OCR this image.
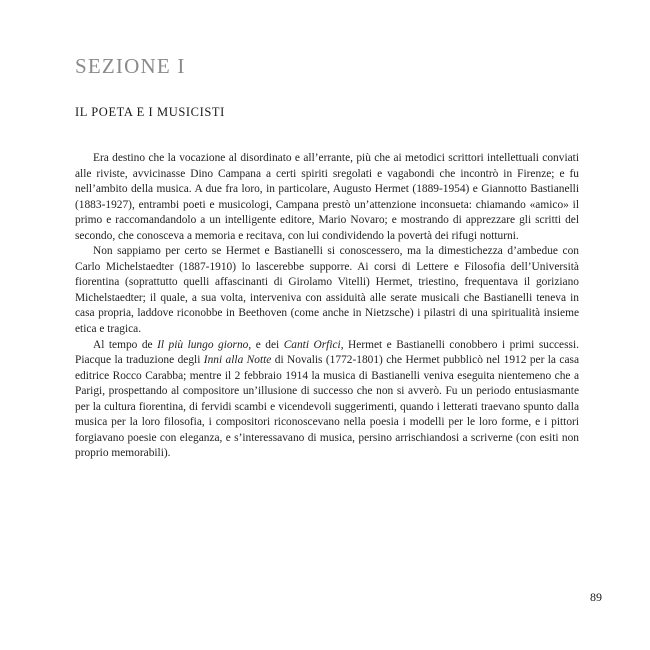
SEZIONE I
IL POETA E I MUSICISTI

Era destino che la vocazione al disordinato e all’errante, più che ai metodici scrittori intellettuali conviati alle riviste, avvicinasse Dino Campana a certi spiriti sregolati e vagabondi che incontrò in Firenze; e fu nell’ambito della musica. A due fra loro, in particolare, Augusto Hermet (1889-1954) e Giannotto Bastianelli (1883-1927), entrambi poeti e musicologi, Campana prestò un’attenzione inconsueta: chiamando «amico» il primo e raccomandandolo a un intelligente editore, Mario Novaro; e mostrando di apprezzare gli scritti del secondo, che conosceva a memoria e recitava, con lui condividendo la povertà dei rifugi notturni.

Non sappiamo per certo se Hermet e Bastianelli si conoscessero, ma la dimestichezza d’ambedue con Carlo Michelstaedter (1887-1910) lo lascerebbe supporre. Ai corsi di Lettere e Filosofia dell’Università fiorentina (soprattutto quelli affascinanti di Girolamo Vitelli) Hermet, triestino, frequentava il goriziano Michelstaedter; il quale, a sua volta, interveniva con assiduità alle serate musicali che Bastianelli teneva in casa propria, laddove riconobbe in Beethoven (come anche in Nietzsche) i pilastri di una spiritualità insieme etica e tragica.

Al tempo de Il più lungo giorno, e dei Canti Orfici, Hermet e Bastianelli conobbero i primi successi. Piacque la traduzione degli Inni alla Notte di Novalis (1772-1801) che Hermet pubblicò nel 1912 per la casa editrice Rocco Carabba; mentre il 2 febbraio 1914 la musica di Bastianelli veniva eseguita nientemeno che a Parigi, prospettando al compositore un’illusione di successo che non si avverò. Fu un periodo entusiasmante per la cultura fiorentina, di fervidi scambi e vicendevoli suggerimenti, quando i letterati traevano spunto dalla musica per la loro filosofia, i compositori riconoscevano nella poesia i modelli per le loro forme, e i pittori forgiavano poesie con eleganza, e s’interessavano di musica, persino arrischiandosi a scriverne (con esiti non proprio memorabili).

89
